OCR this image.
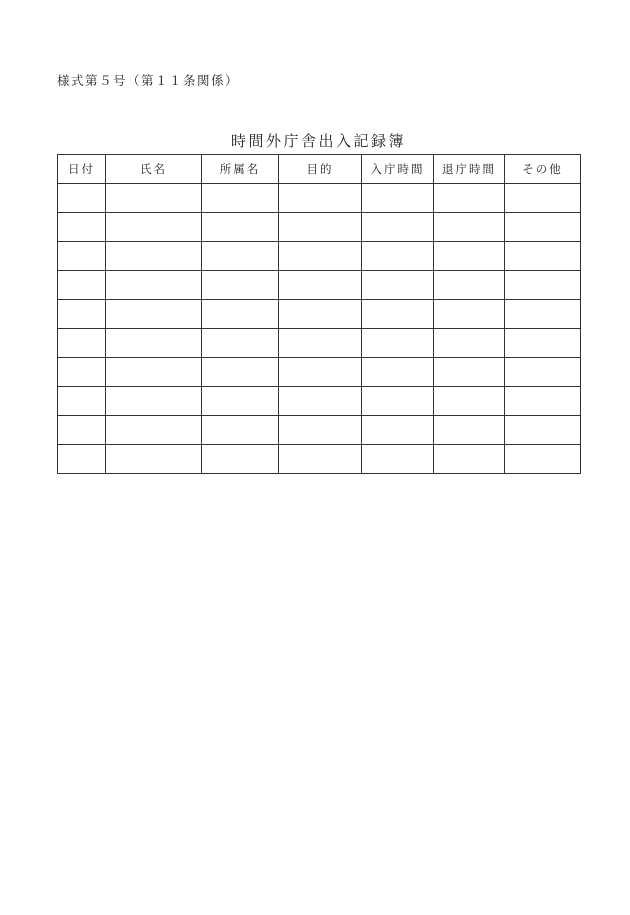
様式第５号（第１１条関係）
時間外庁舎出入記録簿
日付	氏名	所属名	目的	入庁時間	退庁時間	その他
